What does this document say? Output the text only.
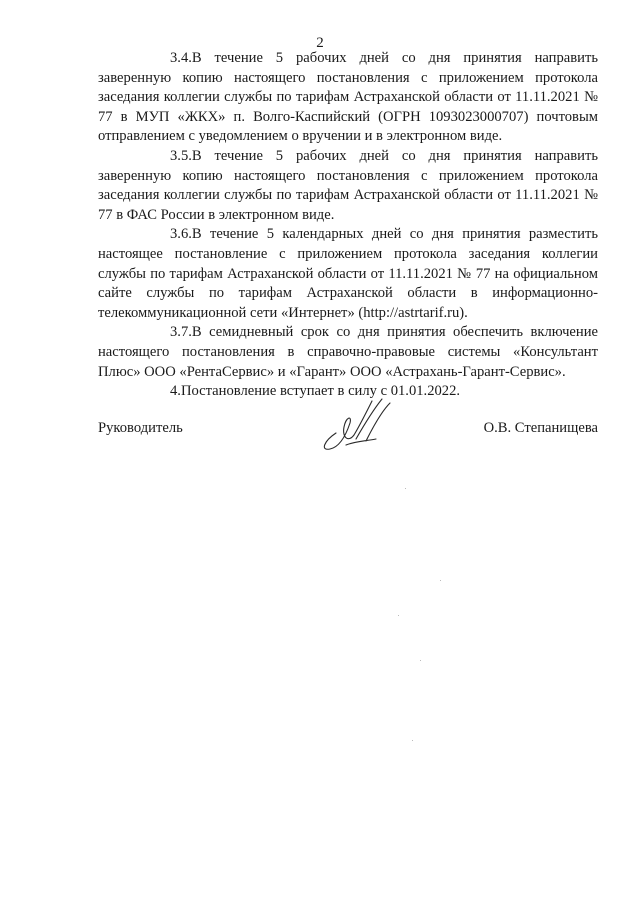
2

3.4.В течение 5 рабочих дней со дня принятия направить заверенную копию настоящего постановления с приложением протокола заседания коллегии службы по тарифам Астраханской области от 11.11.2021 № 77 в МУП «ЖКХ» п. Волго-Каспийский (ОГРН 1093023000707) почтовым отправлением с уведомлением о вручении и в электронном виде.

3.5.В течение 5 рабочих дней со дня принятия направить заверенную копию настоящего постановления с приложением протокола заседания коллегии службы по тарифам Астраханской области от 11.11.2021 № 77 в ФАС России в электронном виде.

3.6.В течение 5 календарных дней со дня принятия разместить настоящее постановление с приложением протокола заседания коллегии службы по тарифам Астраханской области от 11.11.2021 № 77 на официальном сайте службы по тарифам Астраханской области в информационно-телекоммуникационной сети «Интернет» (http://astrtarif.ru).

3.7.В семидневный срок со дня принятия обеспечить включение настоящего постановления в справочно-правовые системы «Консультант Плюс» ООО «РентаСервис» и «Гарант» ООО «Астрахань-Гарант-Сервис».

4.Постановление вступает в силу с 01.01.2022.

Руководитель	О.В. Степанищева
